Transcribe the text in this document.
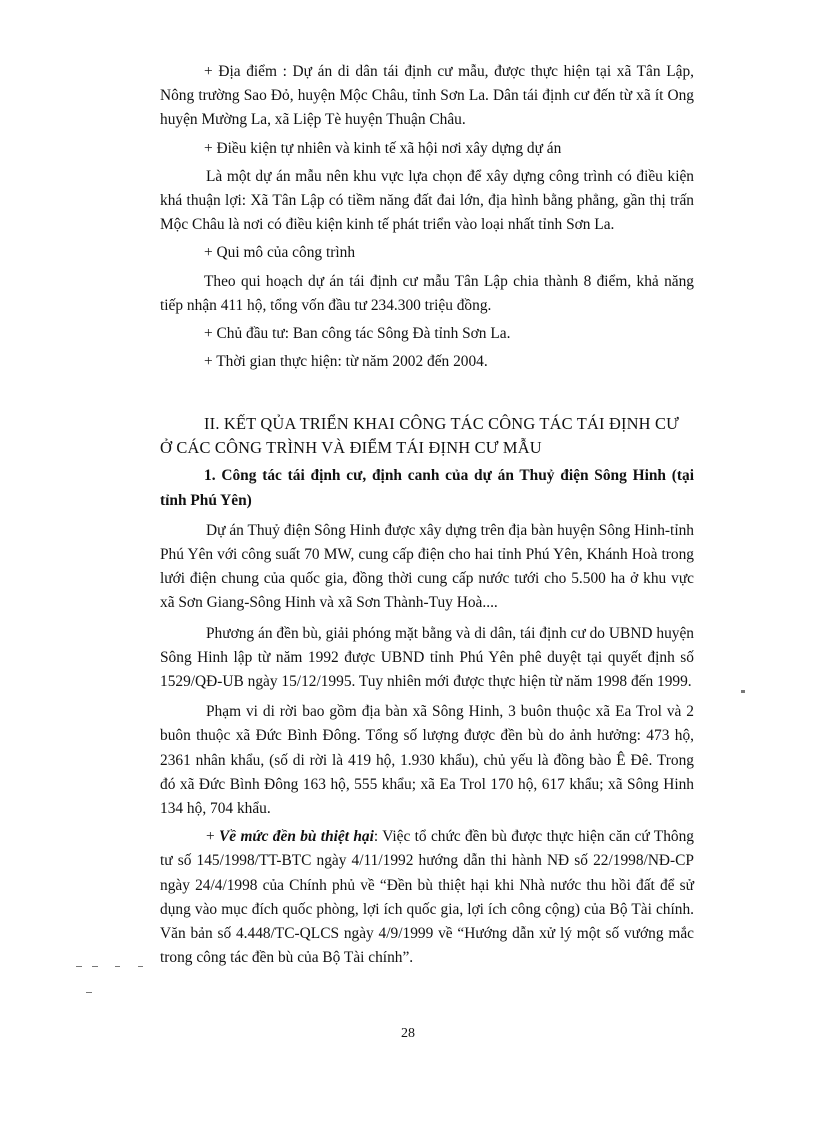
+ Địa điểm : Dự án di dân tái định cư mẫu, được thực hiện tại xã Tân Lập, Nông trường Sao Đỏ, huyện Mộc Châu, tỉnh Sơn La. Dân tái định cư đến từ xã ít Ong huyện Mường La, xã Liệp Tè huyện Thuận Châu.

+ Điều kiện tự nhiên và kinh tế xã hội nơi xây dựng dự án

Là một dự án mẫu nên khu vực lựa chọn để xây dựng công trình có điều kiện khá thuận lợi: Xã Tân Lập có tiềm năng đất đai lớn, địa hình bằng phẳng, gần thị trấn Mộc Châu là nơi có điều kiện kinh tế phát triển vào loại nhất tỉnh Sơn La.

+ Qui mô của công trình

Theo qui hoạch dự án tái định cư mẫu Tân Lập chia thành 8 điểm, khả năng tiếp nhận 411 hộ, tổng vốn đầu tư 234.300 triệu đồng.

+ Chủ đầu tư: Ban công tác Sông Đà tỉnh Sơn La.

+ Thời gian thực hiện: từ năm 2002 đến 2004.

II. KẾT QỦA TRIỂN KHAI CÔNG TÁC CÔNG TÁC TÁI ĐỊNH CƯ Ở CÁC CÔNG TRÌNH VÀ ĐIỂM TÁI ĐỊNH CƯ MẪU

1. Công tác tái định cư, định canh của dự án Thuỷ điện Sông Hinh (tại tỉnh Phú Yên)

Dự án Thuỷ điện Sông Hinh được xây dựng trên địa bàn huyện Sông Hinh-tỉnh Phú Yên với công suất 70 MW, cung cấp điện cho hai tỉnh Phú Yên, Khánh Hoà trong lưới điện chung của quốc gia, đồng thời cung cấp nước tưới cho 5.500 ha ở khu vực xã Sơn Giang-Sông Hinh và xã Sơn Thành-Tuy Hoà....

Phương án đền bù, giải phóng mặt bằng và di dân, tái định cư do UBND huyện Sông Hinh lập từ năm 1992 được UBND tỉnh Phú Yên phê duyệt tại quyết định số 1529/QĐ-UB ngày 15/12/1995. Tuy nhiên mới được thực hiện từ năm 1998 đến 1999.

Phạm vi di rời bao gồm địa bàn xã Sông Hinh, 3 buôn thuộc xã Ea Trol và 2 buôn thuộc xã Đức Bình Đông. Tổng số lượng được đền bù do ảnh hưởng: 473 hộ, 2361 nhân khẩu, (số di rời là 419 hộ, 1.930 khẩu), chủ yếu là đồng bào Ê Đê. Trong đó xã Đức Bình Đông 163 hộ, 555 khẩu; xã Ea Trol 170 hộ, 617 khẩu; xã Sông Hinh 134 hộ, 704 khẩu.

+ Về mức đền bù thiệt hại: Việc tổ chức đền bù được thực hiện căn cứ Thông tư số 145/1998/TT-BTC ngày 4/11/1992 hướng dẫn thi hành NĐ số 22/1998/NĐ-CP ngày 24/4/1998 của Chính phủ về “Đền bù thiệt hại khi Nhà nước thu hồi đất để sử dụng vào mục đích quốc phòng, lợi ích quốc gia, lợi ích công cộng) của Bộ Tài chính. Văn bản số 4.448/TC-QLCS ngày 4/9/1999 về “Hướng dẫn xử lý một số vướng mắc trong công tác đền bù của Bộ Tài chính”.

28
